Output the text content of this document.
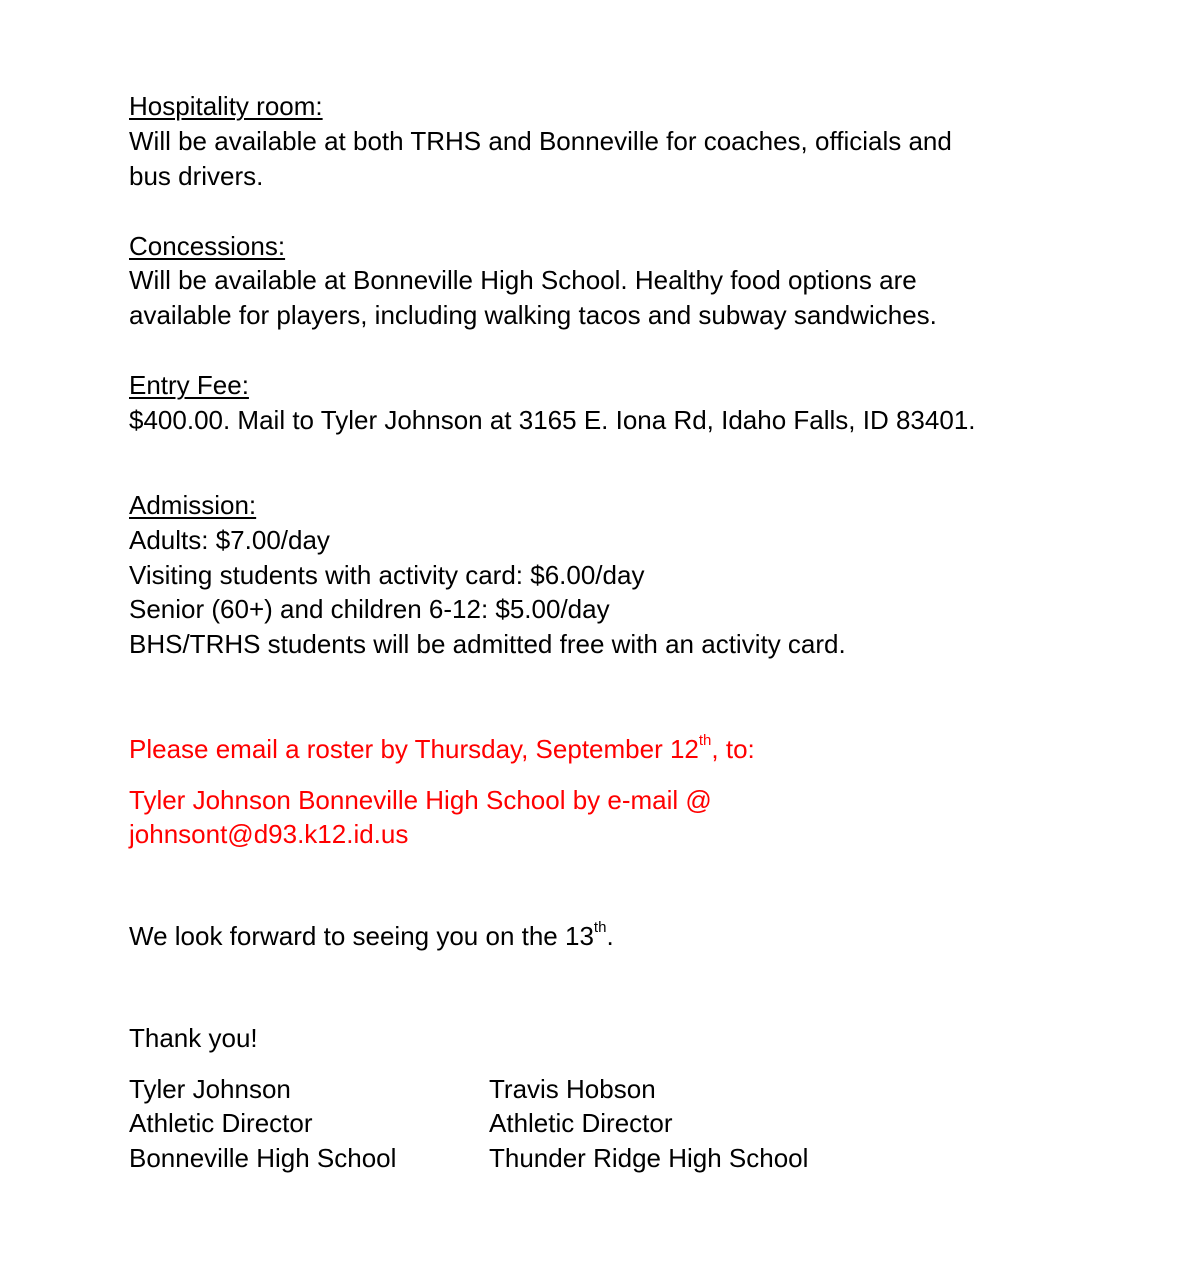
Hospitality room:
Will be available at both TRHS and Bonneville for coaches, officials and
bus drivers.
Concessions:
Will be available at Bonneville High School. Healthy food options are
available for players, including walking tacos and subway sandwiches.
Entry Fee:
$400.00. Mail to Tyler Johnson at 3165 E. Iona Rd, Idaho Falls, ID 83401.
Admission:
Adults: $7.00/day
Visiting students with activity card: $6.00/day
Senior (60+) and children 6-12: $5.00/day
BHS/TRHS students will be admitted free with an activity card.
Please email a roster by Thursday, September 12th, to:
Tyler Johnson Bonneville High School by e-mail @
johnsont@d93.k12.id.us
We look forward to seeing you on the 13th.
Thank you!
Tyler Johnson
Athletic Director
Bonneville High School
Travis Hobson
Athletic Director
Thunder Ridge High School
